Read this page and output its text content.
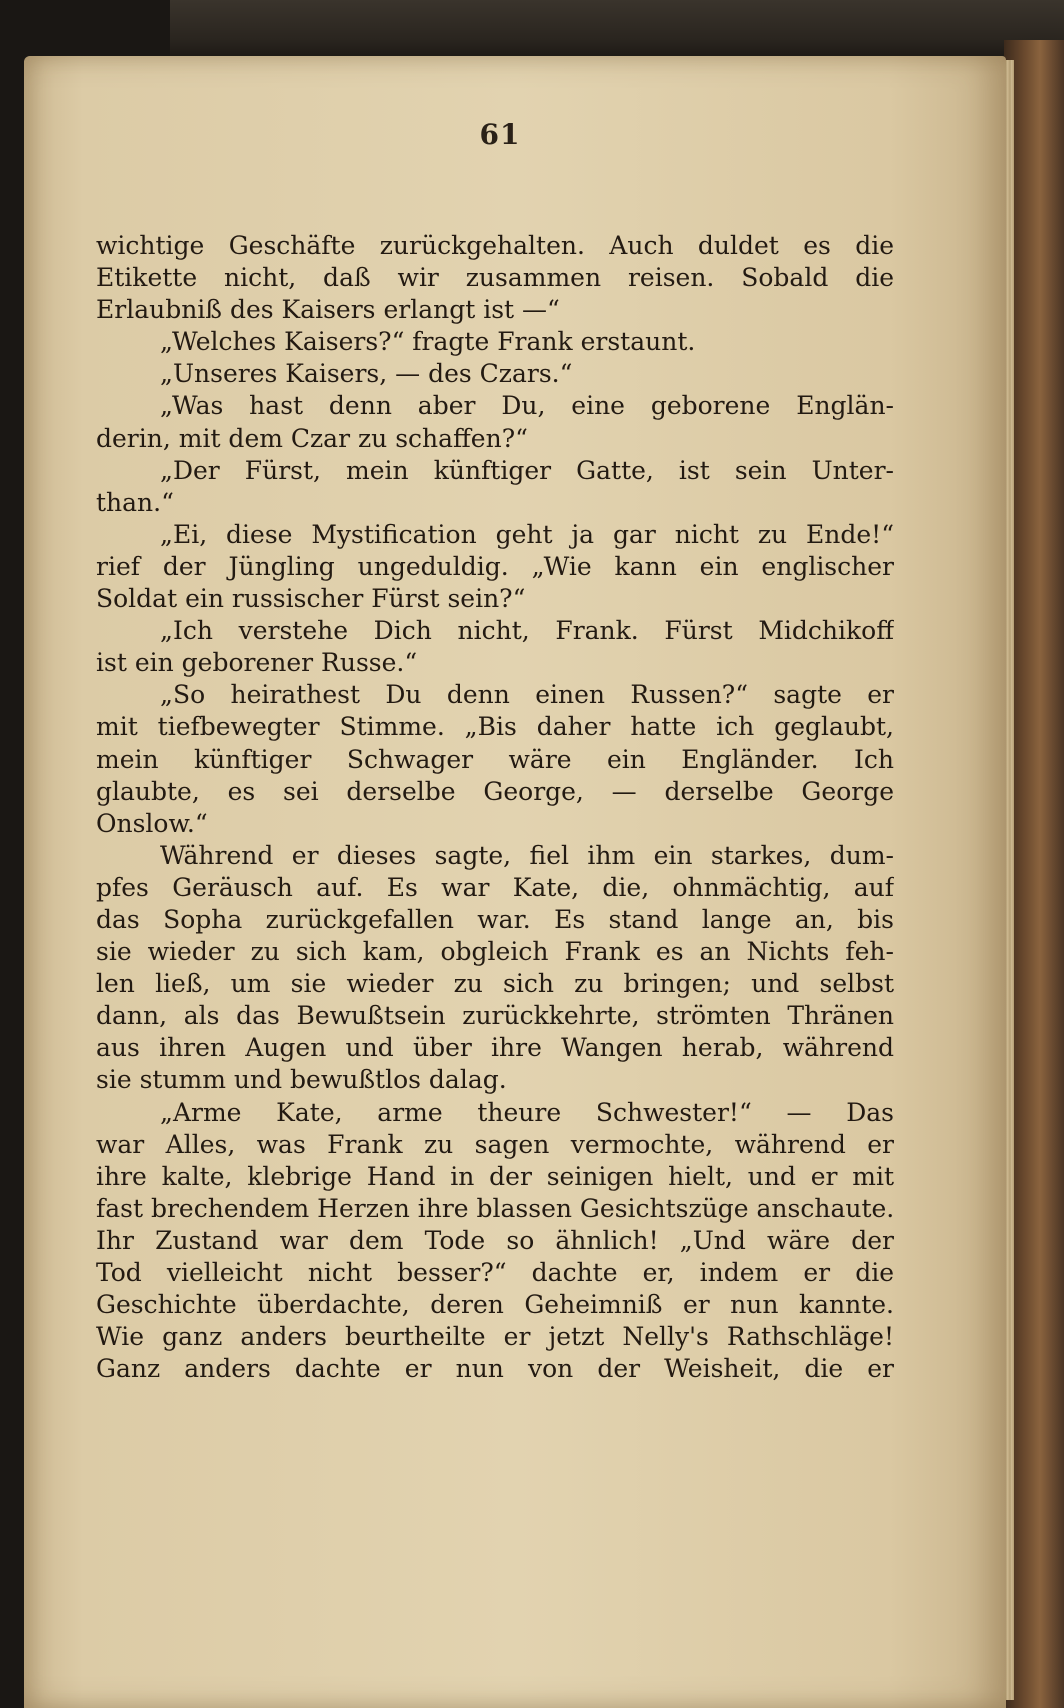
61
wichtige Geschäfte zurückgehalten. Auch duldet es die
Etikette nicht, daß wir zusammen reisen. Sobald die
Erlaubniß des Kaisers erlangt ist —“
„Welches Kaisers?“ fragte Frank erstaunt.
„Unseres Kaisers, — des Czars.“
„Was hast denn aber Du, eine geborene Englän-
derin, mit dem Czar zu schaffen?“
„Der Fürst, mein künftiger Gatte, ist sein Unter-
than.“
„Ei, diese Mystification geht ja gar nicht zu Ende!“
rief der Jüngling ungeduldig. „Wie kann ein englischer
Soldat ein russischer Fürst sein?“
„Ich verstehe Dich nicht, Frank. Fürst Midchikoff
ist ein geborener Russe.“
„So heirathest Du denn einen Russen?“ sagte er
mit tiefbewegter Stimme. „Bis daher hatte ich geglaubt,
mein künftiger Schwager wäre ein Engländer. Ich
glaubte, es sei derselbe George, — derselbe George
Onslow.“
Während er dieses sagte, fiel ihm ein starkes, dum-
pfes Geräusch auf. Es war Kate, die, ohnmächtig, auf
das Sopha zurückgefallen war. Es stand lange an, bis
sie wieder zu sich kam, obgleich Frank es an Nichts feh-
len ließ, um sie wieder zu sich zu bringen; und selbst
dann, als das Bewußtsein zurückkehrte, strömten Thränen
aus ihren Augen und über ihre Wangen herab, während
sie stumm und bewußtlos dalag.
„Arme Kate, arme theure Schwester!“ — Das
war Alles, was Frank zu sagen vermochte, während er
ihre kalte, klebrige Hand in der seinigen hielt, und er mit
fast brechendem Herzen ihre blassen Gesichtszüge anschaute.
Ihr Zustand war dem Tode so ähnlich! „Und wäre der
Tod vielleicht nicht besser?“ dachte er, indem er die
Geschichte überdachte, deren Geheimniß er nun kannte.
Wie ganz anders beurtheilte er jetzt Nelly's Rathschläge!
Ganz anders dachte er nun von der Weisheit, die er
